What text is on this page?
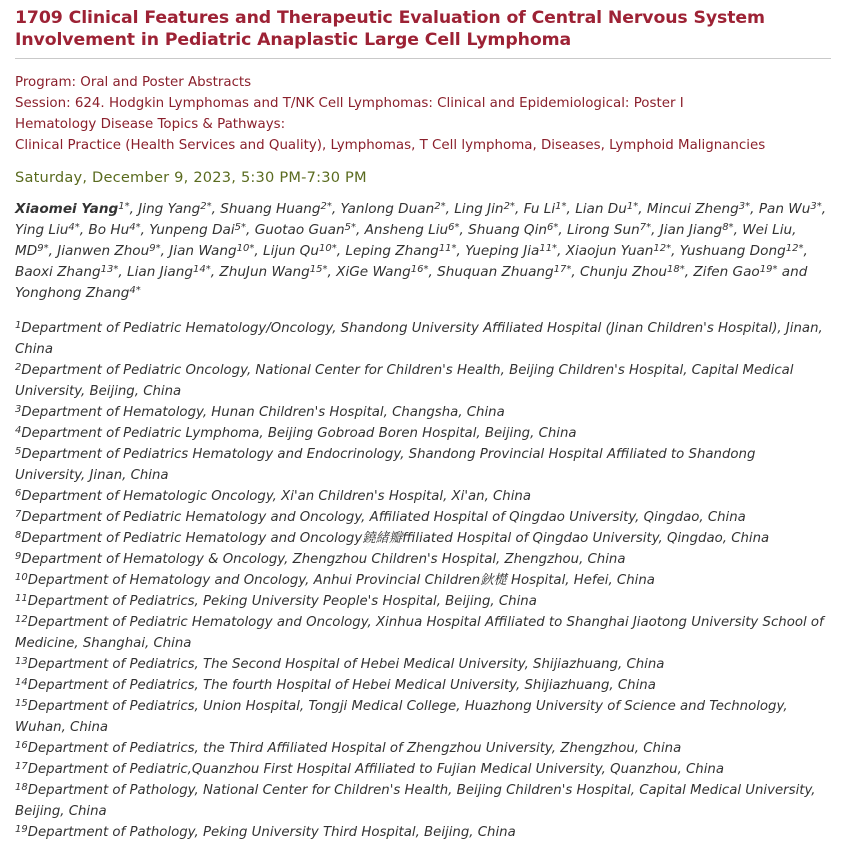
1709 Clinical Features and Therapeutic Evaluation of Central Nervous System Involvement in Pediatric Anaplastic Large Cell Lymphoma
Program: Oral and Poster Abstracts
Session: 624. Hodgkin Lymphomas and T/NK Cell Lymphomas: Clinical and Epidemiological: Poster I
Hematology Disease Topics & Pathways:
Clinical Practice (Health Services and Quality), Lymphomas, T Cell lymphoma, Diseases, Lymphoid Malignancies
Saturday, December 9, 2023, 5:30 PM-7:30 PM
Xiaomei Yang$^{1*}$, Jing Yang$^{2*}$, Shuang Huang$^{2*}$, Yanlong Duan$^{2*}$, Ling Jin$^{2*}$, Fu $Li^{1*}$, Lian $Du^{1*}$, Mincui Zheng$^{3*}$, Pan $Wu^{3*}$, Ying Liu$^{4*}$, Bo $Hu^{4*}$, Yunpeng Dai$^{5*}$, Guotao Guan$^{5*}$, Ansheng Liu$^{6*}$, Shuang Qin$^{6*}$, Lirong Sun$^{7*}$, Jian Jiang$^{8*}$, Wei Liu, $MD^{9*}$, Jianwen Zhou$^{9*}$, Jian Wang$^{10*}$, Lijun $Qu^{10*}$, Leping Zhang$^{11*}$, Yueping Jia$^{11*}$, Xiaojun Yuan$^{12*}$, Yushuang Dong$^{12*}$, Baoxi Zhang$^{13*}$, Lian Jiang$^{14*}$, ZhuJun Wang$^{15*}$, XiGe Wang$^{16*}$, Shuquan Zhuang$^{17*}$, Chunju Zhou$^{18*}$, Zifen Gao$^{19*}$ and Yonghong Zhang$^{4*}$
$^1$Department of Pediatric Hematology/Oncology, Shandong University Affiliated Hospital (Jinan Children's Hospital), Jinan, China
$^2$Department of Pediatric Oncology, National Center for Children's Health, Beijing Children's Hospital, Capital Medical University, Beijing, China
$^3$Department of Hematology, Hunan Children's Hospital, Changsha, China
$^4$Department of Pediatric Lymphoma, Beijing Gobroad Boren Hospital, Beijing, China
$^5$Department of Pediatrics Hematology and Endocrinology, Shandong Provincial Hospital Affiliated to Shandong University, Jinan, China
$^6$Department of Hematologic Oncology, Xi'an Children's Hospital, Xi'an, China
$^7$Department of Pediatric Hematology and Oncology, Affiliated Hospital of Qingdao University, Qingdao, China
$^8$Department of Pediatric Hematology and Oncology鐃緒瓣ffiliated Hospital of Qingdao University, Qingdao, China
$^9$Department of Hematology & Oncology, Zhengzhou Children's Hospital, Zhengzhou, China
$^{10}$Department of Hematology and Oncology, Anhui Provincial Children鈥檚 Hospital, Hefei, China
$^{11}$Department of Pediatrics, Peking University People's Hospital, Beijing, China
$^{12}$Department of Pediatric Hematology and Oncology, Xinhua Hospital Affiliated to Shanghai Jiaotong University School of Medicine, Shanghai, China
$^{13}$Department of Pediatrics, The Second Hospital of Hebei Medical University, Shijiazhuang, China
$^{14}$Department of Pediatrics, The fourth Hospital of Hebei Medical University, Shijiazhuang, China
$^{15}$Department of Pediatrics, Union Hospital, Tongji Medical College, Huazhong University of Science and Technology, Wuhan, China
$^{16}$Department of Pediatrics, the Third Affiliated Hospital of Zhengzhou University, Zhengzhou, China
$^{17}$Department of Pediatric,Quanzhou First Hospital Affiliated to Fujian Medical University, Quanzhou, China
$^{18}$Department of Pathology, National Center for Children's Health, Beijing Children's Hospital, Capital Medical University, Beijing, China
$^{19}$Department of Pathology, Peking University Third Hospital, Beijing, China
